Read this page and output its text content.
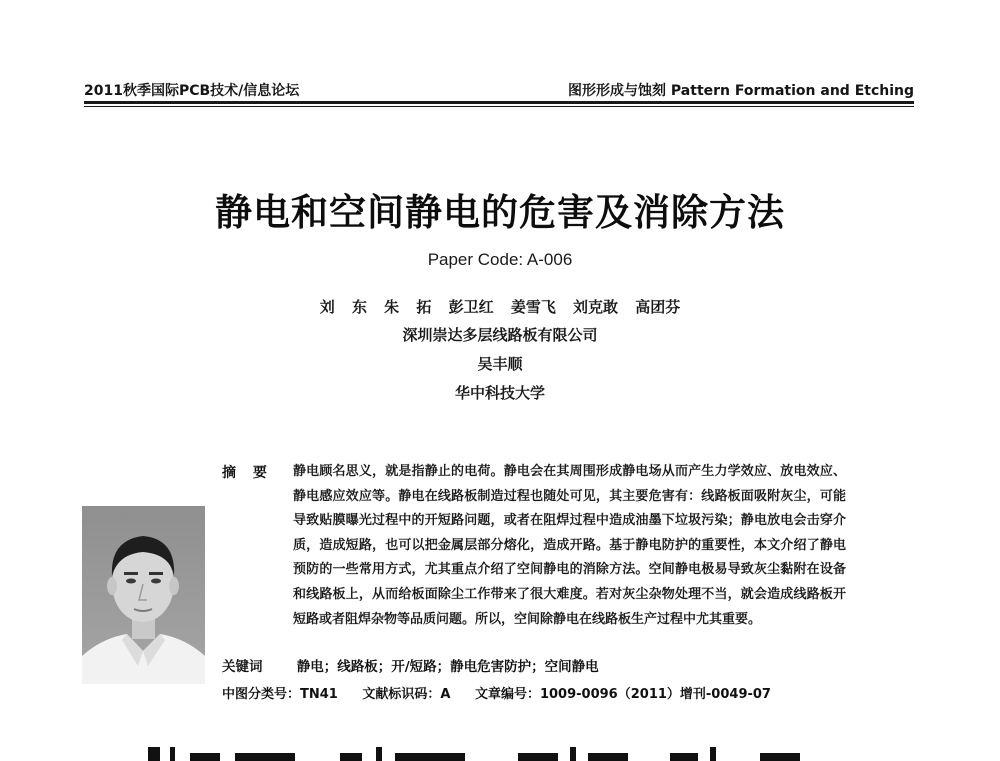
2011秋季国际PCB技术/信息论坛	图形形成与蚀刻 Pattern Formation and Etching
静电和空间静电的危害及消除方法
Paper Code: A-006
刘 东 朱 拓 彭卫红 姜雪飞 刘克敢 高团芬
深圳崇达多层线路板有限公司
吴丰顺
华中科技大学
摘 要	静电顾名思义，就是指静止的电荷。静电会在其周围形成静电场从而产生力学效应、放电效应、静电感应效应等。静电在线路板制造过程也随处可见，其主要危害有：线路板面吸附灰尘，可能导致贴膜曝光过程中的开短路问题，或者在阻焊过程中造成油墨下垃圾污染；静电放电会击穿介质，造成短路，也可以把金属层部分熔化，造成开路。基于静电防护的重要性，本文介绍了静电预防的一些常用方式，尤其重点介绍了空间静电的消除方法。空间静电极易导致灰尘黏附在设备和线路板上，从而给板面除尘工作带来了很大难度。若对灰尘杂物处理不当，就会造成线路板开短路或者阻焊杂物等品质问题。所以，空间除静电在线路板生产过程中尤其重要。
关键词	静电；线路板；开/短路；静电危害防护；空间静电
中图分类号：TN41 文献标识码：A 文章编号：1009-0096（2011）增刊-0049-07
